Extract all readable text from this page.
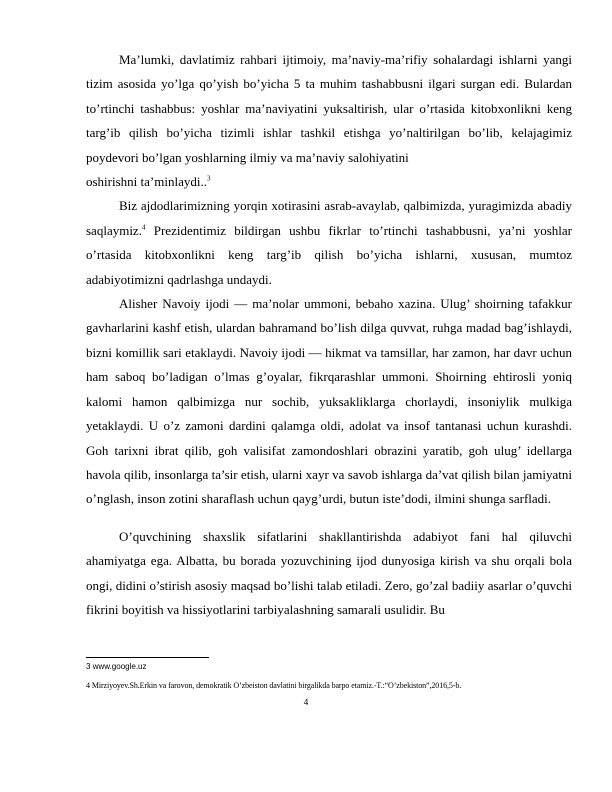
Ma’lumki, davlatimiz rahbari ijtimoiy, ma’naviy-ma’rifiy sohalardagi ishlarni yangi tizim asosida yo’lga qo’yish bo’yicha 5 ta muhim tashabbusni ilgari surgan edi. Bulardan to’rtinchi tashabbus: yoshlar ma’naviyatini yuksaltirish, ular o’rtasida kitobxonlikni keng targ’ib qilish bo’yicha tizimli ishlar tashkil etishga yo’naltirilgan bo’lib, kelajagimiz poydevori bo’lgan yoshlarning ilmiy va ma’naviy salohiyatini

oshirishni ta’minlaydi..$^3$

Biz ajdodlarimizning yorqin xotirasini asrab-avaylab, qalbimizda, yuragimizda abadiy saqlaymiz.$^4$ Prezidentimiz bildirgan ushbu fikrlar to’rtinchi tashabbusni, ya’ni yoshlar o’rtasida kitobxonlikni keng targ’ib qilish bo’yicha ishlarni, xususan, mumtoz adabiyotimizni qadrlashga undaydi.

Alisher Navoiy ijodi — ma’nolar ummoni, bebaho xazina. Ulug’ shoirning tafakkur gavharlarini kashf etish, ulardan bahramand bo’lish dilga quvvat, ruhga madad bag’ishlaydi, bizni komillik sari etaklaydi. Navoiy ijodi — hikmat va tamsillar, har zamon, har davr uchun ham saboq bo’ladigan o’lmas g’oyalar, fikrqarashlar ummoni. Shoirning ehtirosli yoniq kalomi hamon qalbimizga nur sochib, yuksakliklarga chorlaydi, insoniylik mulkiga yetaklaydi. U o’z zamoni dardini qalamga oldi, adolat va insof tantanasi uchun kurashdi. Goh tarixni ibrat qilib, goh valisifat zamondoshlari obrazini yaratib, goh ulug’ idellarga havola qilib, insonlarga ta’sir etish, ularni xayr va savob ishlarga da’vat qilish bilan jamiyatni o’nglash, inson zotini sharaflash uchun qayg’urdi, butun iste’dodi, ilmini shunga sarfladi.

O’quvchining shaxslik sifatlarini shakllantirishda adabiyot fani hal qiluvchi ahamiyatga ega. Albatta, bu borada yozuvchining ijod dunyosiga kirish va shu orqali bola ongi, didini o’stirish asosiy maqsad bo’lishi talab etiladi. Zero, go’zal badiiy asarlar o’quvchi fikrini boyitish va hissiyotlarini tarbiyalashning samarali usulidir. Bu

3 www.google.uz
4 Mirziyoyev.Sh.Erkin va farovon, demokratik O’zbeiston davlatini birgalikda barpo etamiz.-T.:“O’zbekiston”,2016,5-b.
4
